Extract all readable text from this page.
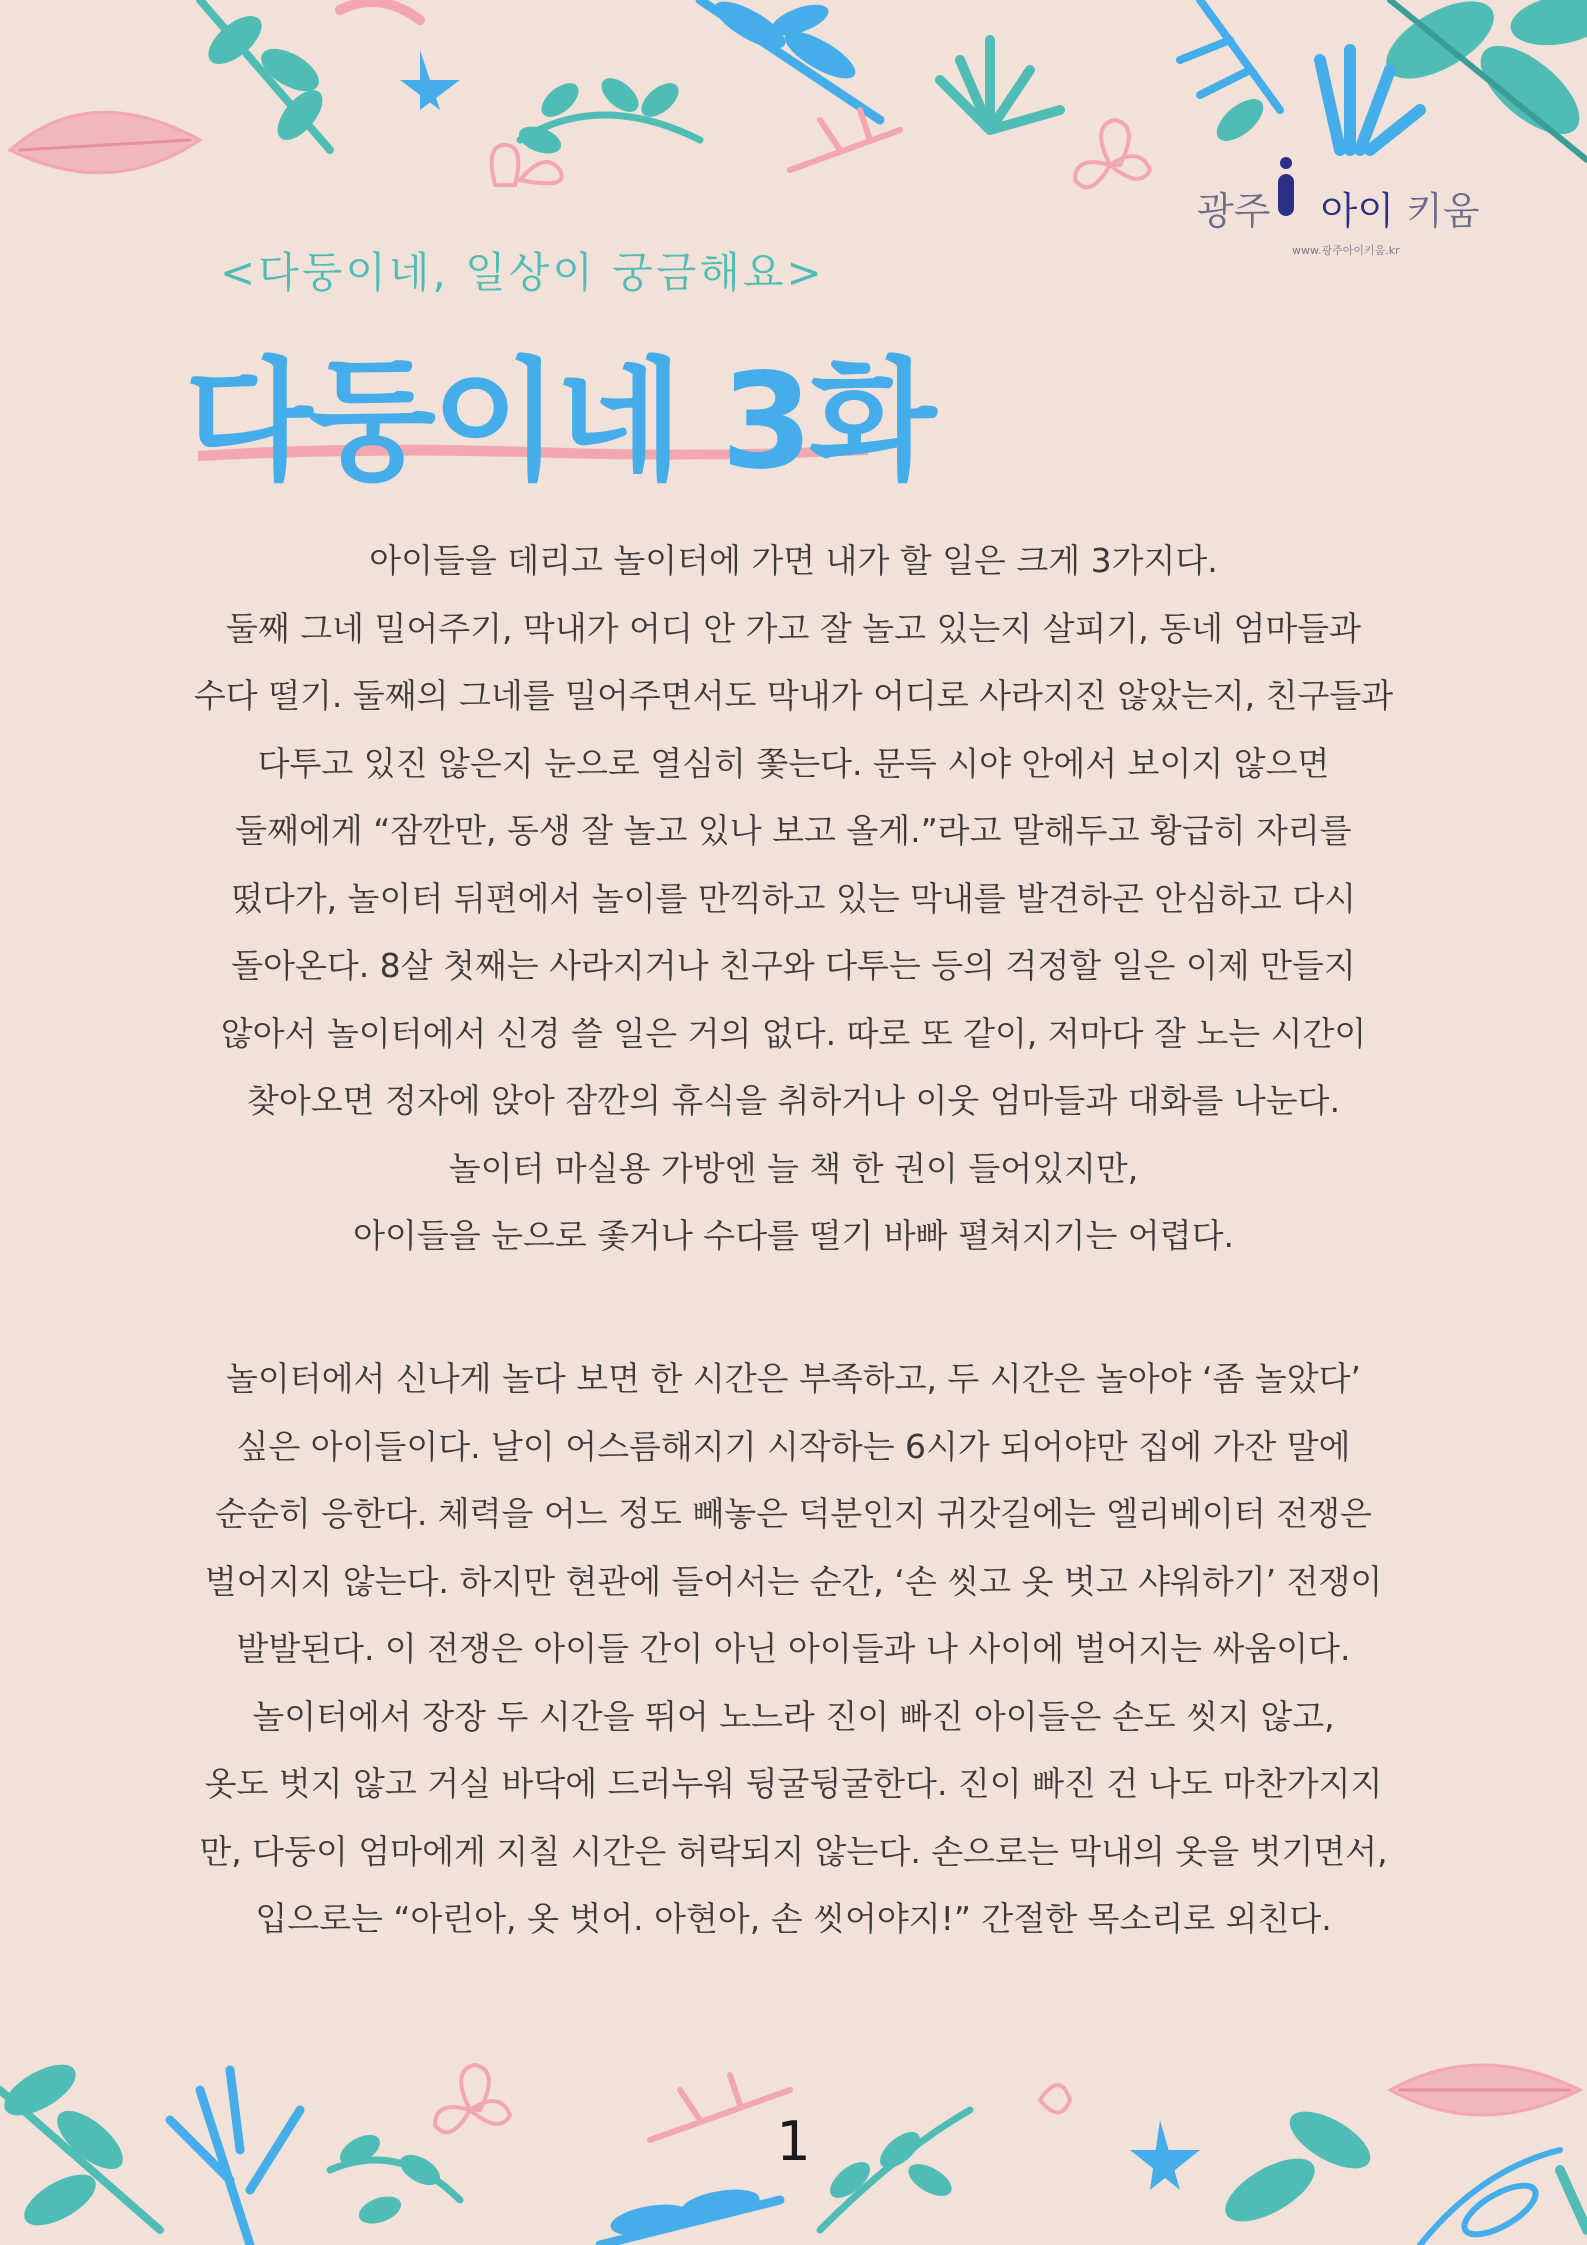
광주 아이 키움
www.광주아이키움.kr
<다둥이네, 일상이 궁금해요>
다둥이네 3화
아이들을 데리고 놀이터에 가면 내가 할 일은 크게 3가지다.
둘째 그네 밀어주기, 막내가 어디 안 가고 잘 놀고 있는지 살피기, 동네 엄마들과
수다 떨기. 둘째의 그네를 밀어주면서도 막내가 어디로 사라지진 않았는지, 친구들과
다투고 있진 않은지 눈으로 열심히 쫓는다. 문득 시야 안에서 보이지 않으면
둘째에게 “잠깐만, 동생 잘 놀고 있나 보고 올게.”라고 말해두고 황급히 자리를
떴다가, 놀이터 뒤편에서 놀이를 만끽하고 있는 막내를 발견하곤 안심하고 다시
돌아온다. 8살 첫째는 사라지거나 친구와 다투는 등의 걱정할 일은 이제 만들지
않아서 놀이터에서 신경 쓸 일은 거의 없다. 따로 또 같이, 저마다 잘 노는 시간이
찾아오면 정자에 앉아 잠깐의 휴식을 취하거나 이웃 엄마들과 대화를 나눈다.
놀이터 마실용 가방엔 늘 책 한 권이 들어있지만,
아이들을 눈으로 좇거나 수다를 떨기 바빠 펼쳐지기는 어렵다.
놀이터에서 신나게 놀다 보면 한 시간은 부족하고, 두 시간은 놀아야 ‘좀 놀았다’
싶은 아이들이다. 날이 어스름해지기 시작하는 6시가 되어야만 집에 가잔 말에
순순히 응한다. 체력을 어느 정도 빼놓은 덕분인지 귀갓길에는 엘리베이터 전쟁은
벌어지지 않는다. 하지만 현관에 들어서는 순간, ‘손 씻고 옷 벗고 샤워하기’ 전쟁이
발발된다. 이 전쟁은 아이들 간이 아닌 아이들과 나 사이에 벌어지는 싸움이다.
놀이터에서 장장 두 시간을 뛰어 노느라 진이 빠진 아이들은 손도 씻지 않고,
옷도 벗지 않고 거실 바닥에 드러누워 뒹굴뒹굴한다. 진이 빠진 건 나도 마찬가지지
만, 다둥이 엄마에게 지칠 시간은 허락되지 않는다. 손으로는 막내의 옷을 벗기면서,
입으로는 “아린아, 옷 벗어. 아현아, 손 씻어야지!” 간절한 목소리로 외친다.
1
